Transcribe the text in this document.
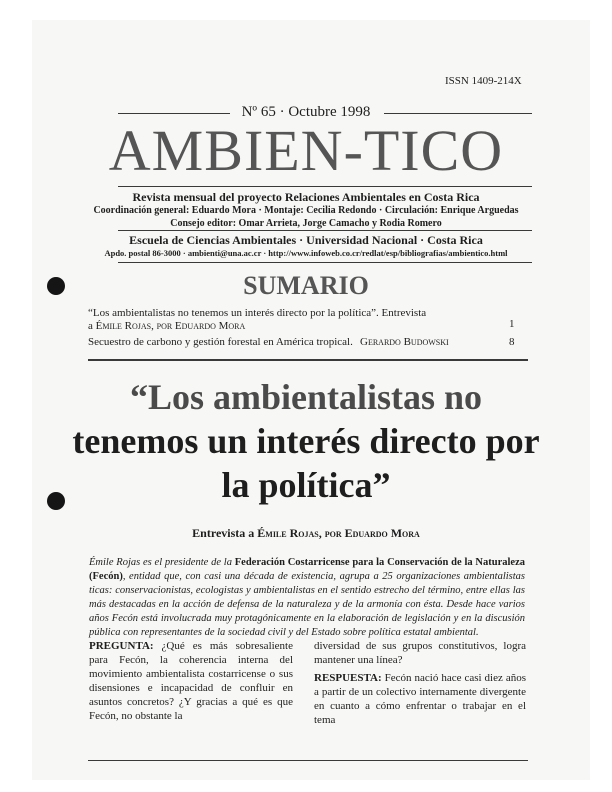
ISSN 1409-214X
Nº 65 · Octubre 1998
AMBIEN-TICO
Revista mensual del proyecto Relaciones Ambientales en Costa Rica
Coordinación general: Eduardo Mora · Montaje: Cecilia Redondo · Circulación: Enrique Arguedas
Consejo editor: Omar Arrieta, Jorge Camacho y Rodia Romero
Escuela de Ciencias Ambientales · Universidad Nacional · Costa Rica
Apdo. postal 86-3000 · ambienti@una.ac.cr · http://www.infoweb.co.cr/redlat/esp/bibliografias/ambientico.html
SUMARIO
“Los ambientalistas no tenemos un interés directo por la política”. Entrevista
a Émile Rojas, por Eduardo Mora	1
Secuestro de carbono y gestión forestal en América tropical. Gerardo Budowski	8
“Los ambientalistas no
tenemos un interés directo por
la política”
Entrevista a Émile Rojas, por Eduardo Mora
Émile Rojas es el presidente de la Federación Costarricense para la Conservación de la Naturaleza (Fecón), entidad que, con casi una década de existencia, agrupa a 25 organizaciones ambientalistas ticas: conservacionistas, ecologistas y ambientalistas en el sentido estrecho del término, entre ellas las más destacadas en la acción de defensa de la naturaleza y de la armonía con ésta. Desde hace varios años Fecón está involucrada muy protagónicamente en la elaboración de legislación y en la discusión pública con representantes de la sociedad civil y del Estado sobre política estatal ambiental.
PREGUNTA: ¿Qué es más sobresaliente para Fecón, la coherencia interna del movimiento ambientalista costarricense o sus disensiones e incapacidad de confluir en asuntos concretos? ¿Y gracias a qué es que Fecón, no obstante la
diversidad de sus grupos constitutivos, logra mantener una línea?
RESPUESTA: Fecón nació hace casi diez años a partir de un colectivo internamente divergente en cuanto a cómo enfrentar o trabajar en el tema
